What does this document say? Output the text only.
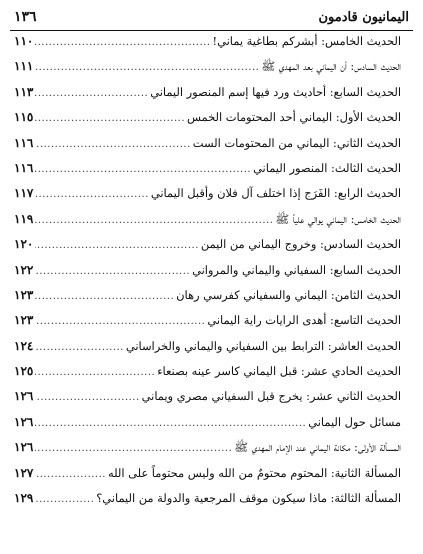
اليمانيون قادمون
١٣٦
الحديث الخامس: أبشركم بطاغية يماني!
.....
١١٠
الحديث السادس: أن اليماني بعد المهدي ﷺ
.....
١١١
الحديث السابع: أحاديث ورد فيها إسم المنصور اليماني
.....
١١٣
الحديث الأول: اليماني أحد المحتومات الخمس
.....
١١٥
الحديث الثاني: اليماني من المحتومات الست
.....
١١٦
الحديث الثالث: المنصور اليماني
.....
١١٦
الحديث الرابع: الفَرَج إذا اختلف آل فلان وأقبل اليماني
.....
١١٧
الحديث الخامس: اليماني يوالي علياً ﷺ
.....
١١٩
الحديث السادس: وخروج اليماني من اليمن
.....
١٢٠
الحديث السابع: السفياني واليماني والمرواني
.....
١٢٢
الحديث الثامن: اليماني والسفياني كفرسي رهان
.....
١٢٣
الحديث التاسع: أهدى الرايات راية اليماني
.....
١٢٣
الحديث العاشر: الترابط بين السفياني واليماني والخراساني
.....
١٢٤
الحديث الحادي عشر: قبل اليماني كاسر عينه بصنعاء
.....
١٢٥
الحديث الثاني عشر: يخرج قبل السفياني مصري ويماني
.....
١٢٦
مسائل حول اليماني
.....
١٢٦
المسألة الأولى: مكانة اليماني عند الإمام المهدي ﷺ
.....
١٢٦
المسألة الثانية: المحتوم محتومٌ من الله وليس محتوماً على الله
.....
١٢٧
المسألة الثالثة: ماذا سيكون موقف المرجعية والدولة من اليماني؟
.....
١٢٩
